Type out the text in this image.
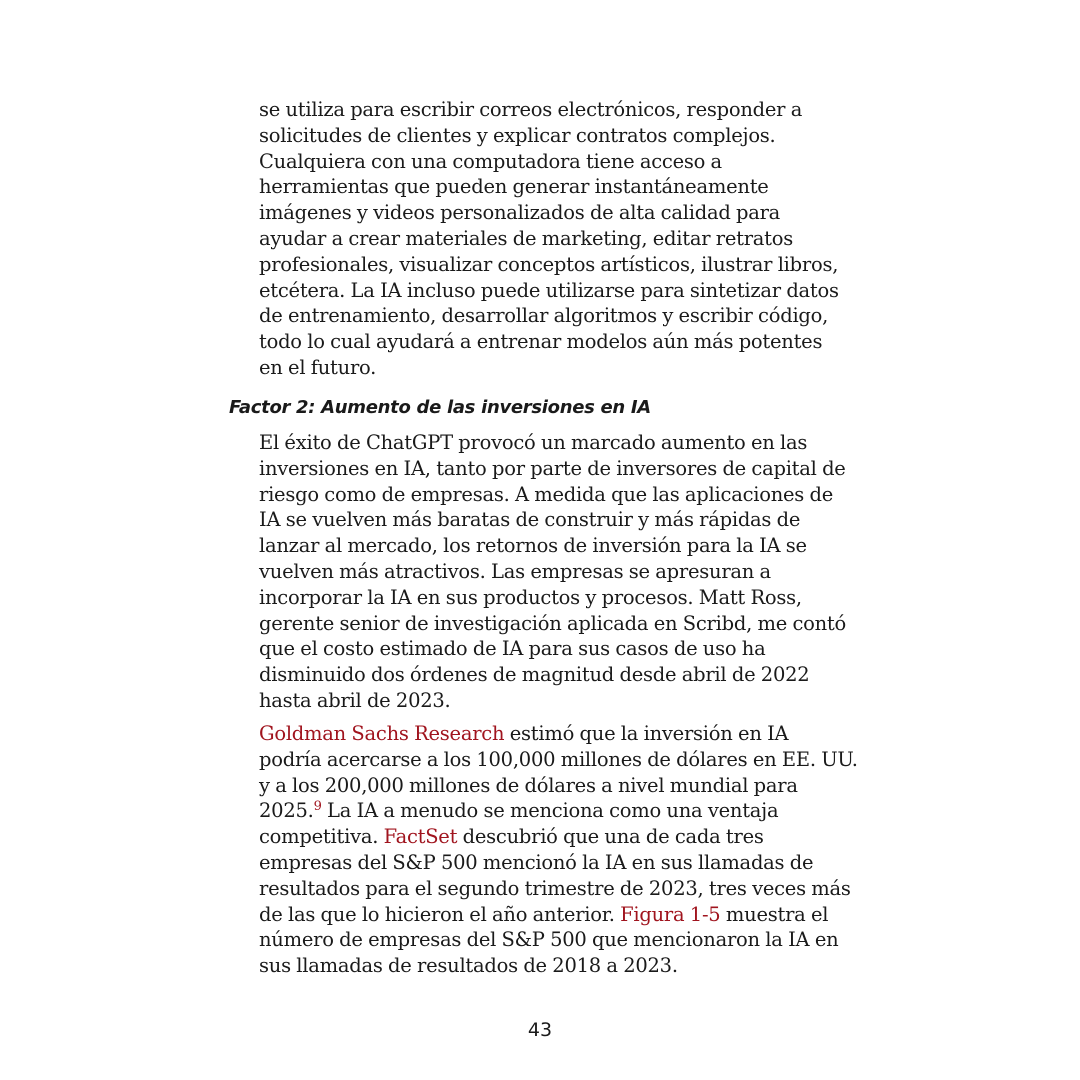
se utiliza para escribir correos electrónicos, responder a
solicitudes de clientes y explicar contratos complejos.
Cualquiera con una computadora tiene acceso a
herramientas que pueden generar instantáneamente
imágenes y videos personalizados de alta calidad para
ayudar a crear materiales de marketing, editar retratos
profesionales, visualizar conceptos artísticos, ilustrar libros,
etcétera. La IA incluso puede utilizarse para sintetizar datos
de entrenamiento, desarrollar algoritmos y escribir código,
todo lo cual ayudará a entrenar modelos aún más potentes
en el futuro.

Factor 2: Aumento de las inversiones en IA

El éxito de ChatGPT provocó un marcado aumento en las
inversiones en IA, tanto por parte de inversores de capital de
riesgo como de empresas. A medida que las aplicaciones de
IA se vuelven más baratas de construir y más rápidas de
lanzar al mercado, los retornos de inversión para la IA se
vuelven más atractivos. Las empresas se apresuran a
incorporar la IA en sus productos y procesos. Matt Ross,
gerente senior de investigación aplicada en Scribd, me contó
que el costo estimado de IA para sus casos de uso ha
disminuido dos órdenes de magnitud desde abril de 2022
hasta abril de 2023.

Goldman Sachs Research estimó que la inversión en IA
podría acercarse a los 100,000 millones de dólares en EE. UU.
y a los 200,000 millones de dólares a nivel mundial para
2025.$^9$ La IA a menudo se menciona como una ventaja
competitiva. FactSet descubrió que una de cada tres
empresas del S&P 500 mencionó la IA en sus llamadas de
resultados para el segundo trimestre de 2023, tres veces más
de las que lo hicieron el año anterior. Figura 1-5 muestra el
número de empresas del S&P 500 que mencionaron la IA en
sus llamadas de resultados de 2018 a 2023.

43
